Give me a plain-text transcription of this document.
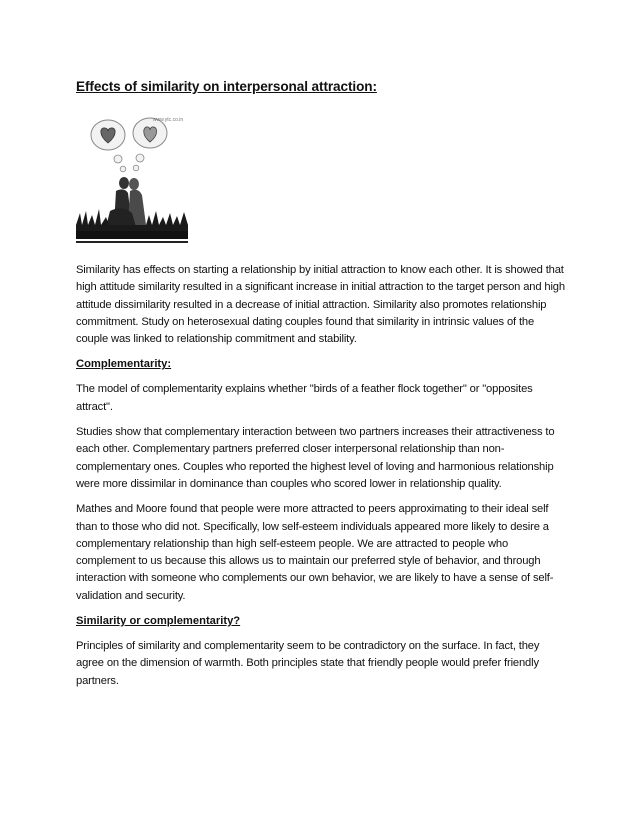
Effects of similarity on interpersonal attraction:
www.ytc.co.in

Similarity has effects on starting a relationship by initial attraction to know each other. It is showed that high attitude similarity resulted in a significant increase in initial attraction to the target person and high attitude dissimilarity resulted in a decrease of initial attraction. Similarity also promotes relationship commitment. Study on heterosexual dating couples found that similarity in intrinsic values of the couple was linked to relationship commitment and stability.

Complementarity:

The model of complementarity explains whether "birds of a feather flock together" or "opposites attract".

Studies show that complementary interaction between two partners increases their attractiveness to each other. Complementary partners preferred closer interpersonal relationship than non-complementary ones. Couples who reported the highest level of loving and harmonious relationship were more dissimilar in dominance than couples who scored lower in relationship quality.

Mathes and Moore found that people were more attracted to peers approximating to their ideal self than to those who did not. Specifically, low self-esteem individuals appeared more likely to desire a complementary relationship than high self-esteem people. We are attracted to people who complement to us because this allows us to maintain our preferred style of behavior, and through interaction with someone who complements our own behavior, we are likely to have a sense of self-validation and security.

Similarity or complementarity?

Principles of similarity and complementarity seem to be contradictory on the surface. In fact, they agree on the dimension of warmth. Both principles state that friendly people would prefer friendly partners.
